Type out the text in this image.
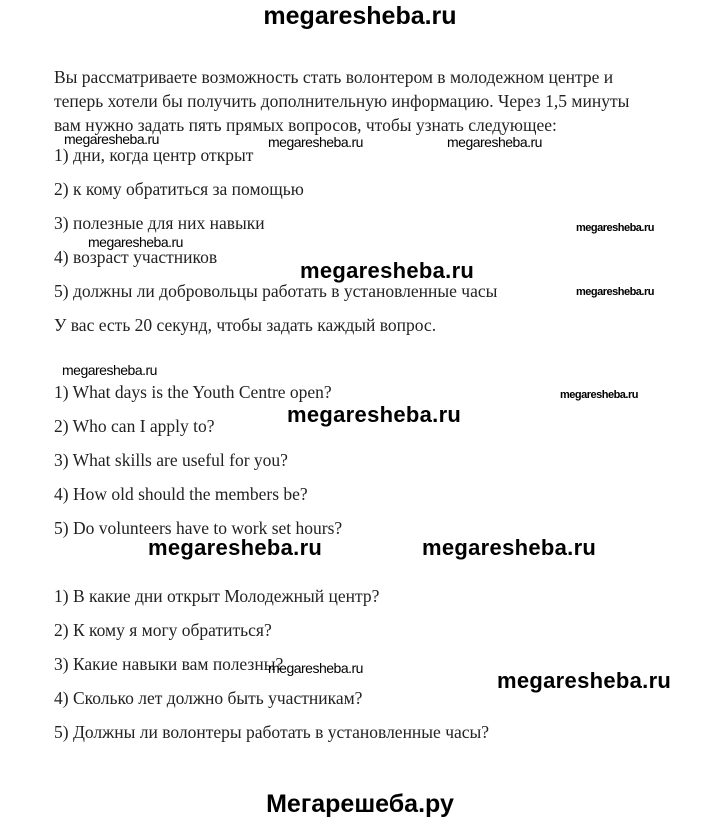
megaresheba.ru
Вы рассматриваете возможность стать волонтером в молодежном центре и
теперь хотели бы получить дополнительную информацию. Через 1,5 минуты
вам нужно задать пять прямых вопросов, чтобы узнать следующее:
1) дни, когда центр открыт
2) к кому обратиться за помощью
3) полезные для них навыки
4) возраст участников
5) должны ли добровольцы работать в установленные часы
У вас есть 20 секунд, чтобы задать каждый вопрос.
1) What days is the Youth Centre open?
2) Who can I apply to?
3) What skills are useful for you?
4) How old should the members be?
5) Do volunteers have to work set hours?
1) В какие дни открыт Молодежный центр?
2) К кому я могу обратиться?
3) Какие навыки вам полезны?
4) Сколько лет должно быть участникам?
5) Должны ли волонтеры работать в установленные часы?
megaresheba.ru	megaresheba.ru	megaresheba.ru
megaresheba.ru
megaresheba.ru
megaresheba.ru
megaresheba.ru
megaresheba.ru
megaresheba.ru
megaresheba.ru
megaresheba.ru	megaresheba.ru
megaresheba.ru	megaresheba.ru
Мегарешеба.ру
